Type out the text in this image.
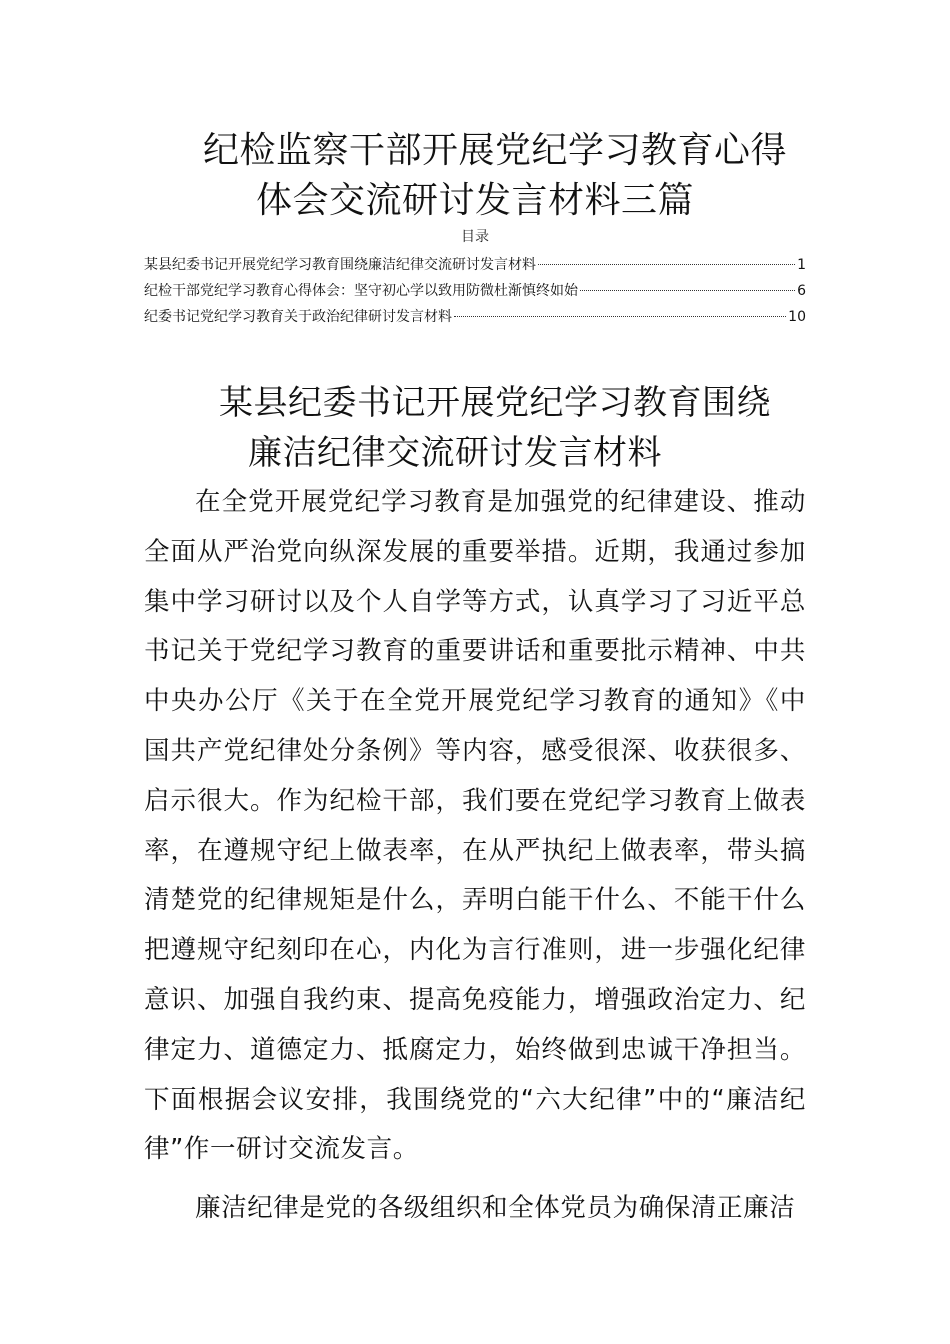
纪检监察干部开展党纪学习教育心得
体会交流研讨发言材料三篇
目录
某县纪委书记开展党纪学习教育围绕廉洁纪律交流研讨发言材料	1
纪检干部党纪学习教育心得体会：坚守初心学以致用防微杜渐慎终如始	6
纪委书记党纪学习教育关于政治纪律研讨发言材料	10
某县纪委书记开展党纪学习教育围绕
廉洁纪律交流研讨发言材料

在全党开展党纪学习教育是加强党的纪律建设、推动全面从严治党向纵深发展的重要举措。近期，我通过参加集中学习研讨以及个人自学等方式，认真学习了习近平总书记关于党纪学习教育的重要讲话和重要批示精神、中共中央办公厅《关于在全党开展党纪学习教育的通知》《中国共产党纪律处分条例》等内容，感受很深、收获很多、启示很大。作为纪检干部，我们要在党纪学习教育上做表率，在遵规守纪上做表率，在从严执纪上做表率，带头搞清楚党的纪律规矩是什么，弄明白能干什么、不能干什么把遵规守纪刻印在心，内化为言行准则，进一步强化纪律意识、加强自我约束、提高免疫能力，增强政治定力、纪律定力、道德定力、抵腐定力，始终做到忠诚干净担当。下面根据会议安排，我围绕党的“六大纪律”中的“廉洁纪律”作一研讨交流发言。

廉洁纪律是党的各级组织和全体党员为确保清正廉洁
